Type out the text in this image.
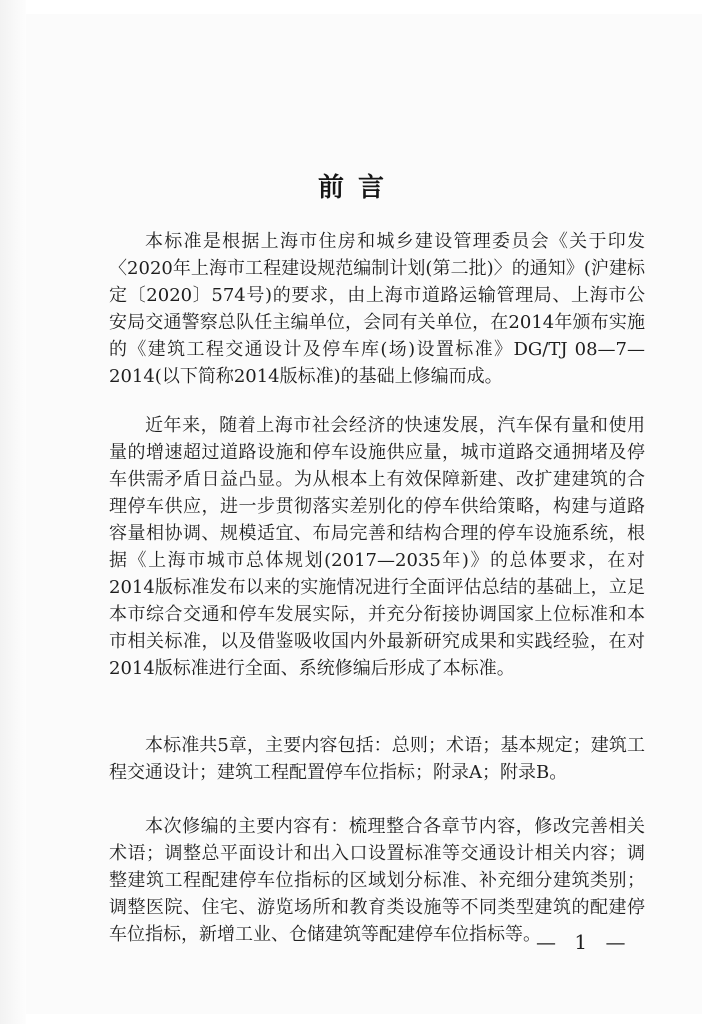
前言

本标准是根据上海市住房和城乡建设管理委员会《关于印发〈2020年上海市工程建设规范编制计划(第二批)〉的通知》(沪建标定〔2020〕574号)的要求，由上海市道路运输管理局、上海市公安局交通警察总队任主编单位，会同有关单位，在2014年颁布实施的《建筑工程交通设计及停车库(场)设置标准》DG/TJ 08—7—2014(以下简称2014版标准)的基础上修编而成。

近年来，随着上海市社会经济的快速发展，汽车保有量和使用量的增速超过道路设施和停车设施供应量，城市道路交通拥堵及停车供需矛盾日益凸显。为从根本上有效保障新建、改扩建建筑的合理停车供应，进一步贯彻落实差别化的停车供给策略，构建与道路容量相协调、规模适宜、布局完善和结构合理的停车设施系统，根据《上海市城市总体规划(2017—2035年)》的总体要求，在对2014版标准发布以来的实施情况进行全面评估总结的基础上，立足本市综合交通和停车发展实际，并充分衔接协调国家上位标准和本市相关标准，以及借鉴吸收国内外最新研究成果和实践经验，在对2014版标准进行全面、系统修编后形成了本标准。

本标准共5章，主要内容包括：总则；术语；基本规定；建筑工程交通设计；建筑工程配置停车位指标；附录A；附录B。

本次修编的主要内容有：梳理整合各章节内容，修改完善相关术语；调整总平面设计和出入口设置标准等交通设计相关内容；调整建筑工程配建停车位指标的区域划分标准、补充细分建筑类别；调整医院、住宅、游览场所和教育类设施等不同类型建筑的配建停车位指标，新增工业、仓储建筑等配建停车位指标等。

— 1 —
